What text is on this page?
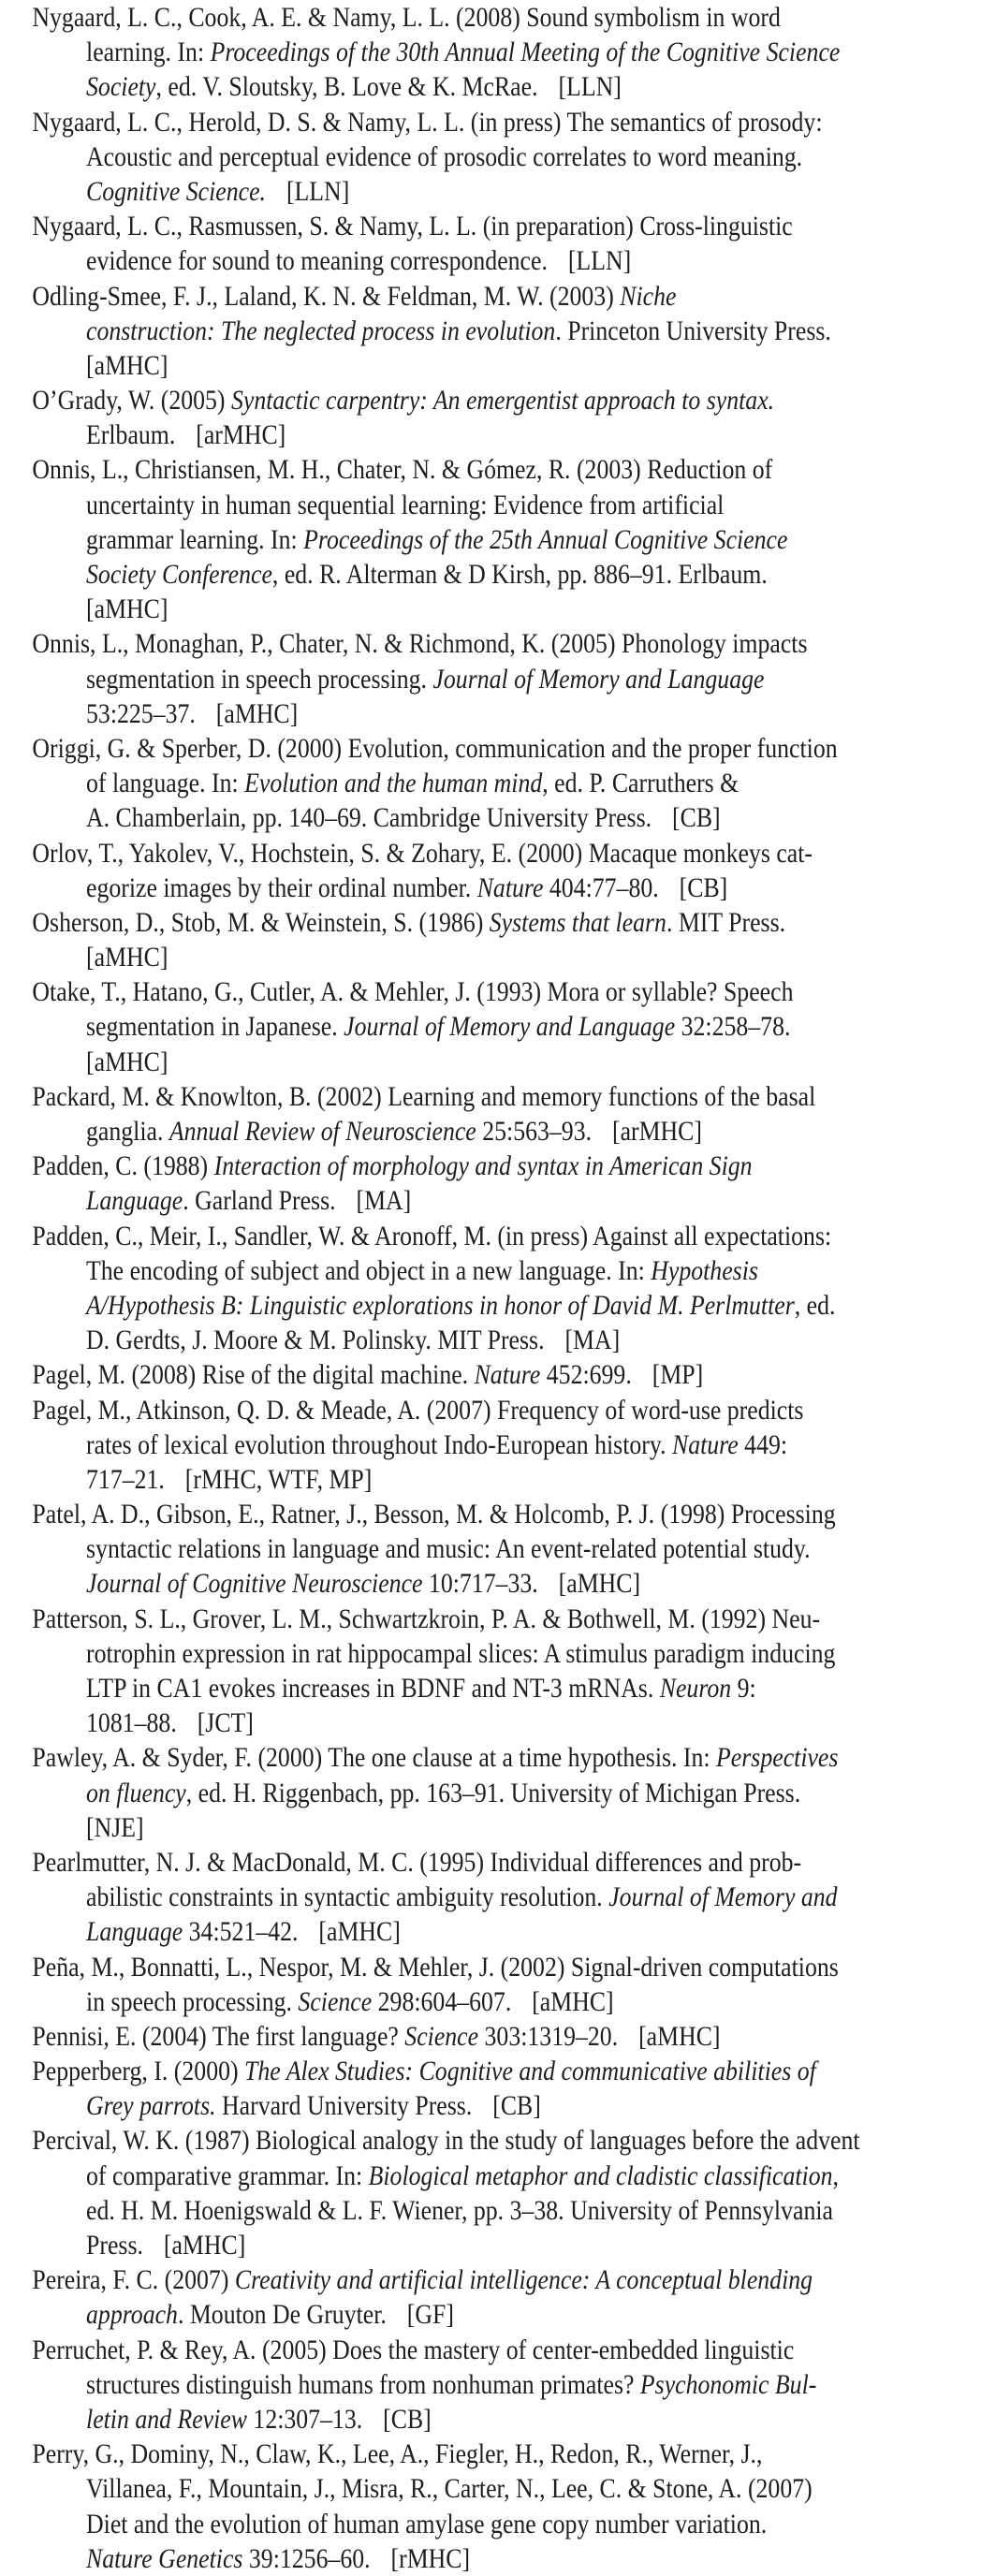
Nygaard, L. C., Cook, A. E. & Namy, L. L. (2008) Sound symbolism in word
learning. In: Proceedings of the 30th Annual Meeting of the Cognitive Science
Society, ed. V. Sloutsky, B. Love & K. McRae. [LLN]
Nygaard, L. C., Herold, D. S. & Namy, L. L. (in press) The semantics of prosody:
Acoustic and perceptual evidence of prosodic correlates to word meaning.
Cognitive Science. [LLN]
Nygaard, L. C., Rasmussen, S. & Namy, L. L. (in preparation) Cross-linguistic
evidence for sound to meaning correspondence. [LLN]
Odling-Smee, F. J., Laland, K. N. & Feldman, M. W. (2003) Niche
construction: The neglected process in evolution. Princeton University Press.
[aMHC]
O’Grady, W. (2005) Syntactic carpentry: An emergentist approach to syntax.
Erlbaum. [arMHC]
Onnis, L., Christiansen, M. H., Chater, N. & Gómez, R. (2003) Reduction of
uncertainty in human sequential learning: Evidence from artificial
grammar learning. In: Proceedings of the 25th Annual Cognitive Science
Society Conference, ed. R. Alterman & D Kirsh, pp. 886–91. Erlbaum.
[aMHC]
Onnis, L., Monaghan, P., Chater, N. & Richmond, K. (2005) Phonology impacts
segmentation in speech processing. Journal of Memory and Language
53:225–37. [aMHC]
Origgi, G. & Sperber, D. (2000) Evolution, communication and the proper function
of language. In: Evolution and the human mind, ed. P. Carruthers &
A. Chamberlain, pp. 140–69. Cambridge University Press. [CB]
Orlov, T., Yakolev, V., Hochstein, S. & Zohary, E. (2000) Macaque monkeys cat-
egorize images by their ordinal number. Nature 404:77–80. [CB]
Osherson, D., Stob, M. & Weinstein, S. (1986) Systems that learn. MIT Press.
[aMHC]
Otake, T., Hatano, G., Cutler, A. & Mehler, J. (1993) Mora or syllable? Speech
segmentation in Japanese. Journal of Memory and Language 32:258–78.
[aMHC]
Packard, M. & Knowlton, B. (2002) Learning and memory functions of the basal
ganglia. Annual Review of Neuroscience 25:563–93. [arMHC]
Padden, C. (1988) Interaction of morphology and syntax in American Sign
Language. Garland Press. [MA]
Padden, C., Meir, I., Sandler, W. & Aronoff, M. (in press) Against all expectations:
The encoding of subject and object in a new language. In: Hypothesis
A/Hypothesis B: Linguistic explorations in honor of David M. Perlmutter, ed.
D. Gerdts, J. Moore & M. Polinsky. MIT Press. [MA]
Pagel, M. (2008) Rise of the digital machine. Nature 452:699. [MP]
Pagel, M., Atkinson, Q. D. & Meade, A. (2007) Frequency of word-use predicts
rates of lexical evolution throughout Indo-European history. Nature 449:
717–21. [rMHC, WTF, MP]
Patel, A. D., Gibson, E., Ratner, J., Besson, M. & Holcomb, P. J. (1998) Processing
syntactic relations in language and music: An event-related potential study.
Journal of Cognitive Neuroscience 10:717–33. [aMHC]
Patterson, S. L., Grover, L. M., Schwartzkroin, P. A. & Bothwell, M. (1992) Neu-
rotrophin expression in rat hippocampal slices: A stimulus paradigm inducing
LTP in CA1 evokes increases in BDNF and NT-3 mRNAs. Neuron 9:
1081–88. [JCT]
Pawley, A. & Syder, F. (2000) The one clause at a time hypothesis. In: Perspectives
on fluency, ed. H. Riggenbach, pp. 163–91. University of Michigan Press.
[NJE]
Pearlmutter, N. J. & MacDonald, M. C. (1995) Individual differences and prob-
abilistic constraints in syntactic ambiguity resolution. Journal of Memory and
Language 34:521–42. [aMHC]
Peña, M., Bonnatti, L., Nespor, M. & Mehler, J. (2002) Signal-driven computations
in speech processing. Science 298:604–607. [aMHC]
Pennisi, E. (2004) The first language? Science 303:1319–20. [aMHC]
Pepperberg, I. (2000) The Alex Studies: Cognitive and communicative abilities of
Grey parrots. Harvard University Press. [CB]
Percival, W. K. (1987) Biological analogy in the study of languages before the advent
of comparative grammar. In: Biological metaphor and cladistic classification,
ed. H. M. Hoenigswald & L. F. Wiener, pp. 3–38. University of Pennsylvania
Press. [aMHC]
Pereira, F. C. (2007) Creativity and artificial intelligence: A conceptual blending
approach. Mouton De Gruyter. [GF]
Perruchet, P. & Rey, A. (2005) Does the mastery of center-embedded linguistic
structures distinguish humans from nonhuman primates? Psychonomic Bul-
letin and Review 12:307–13. [CB]
Perry, G., Dominy, N., Claw, K., Lee, A., Fiegler, H., Redon, R., Werner, J.,
Villanea, F., Mountain, J., Misra, R., Carter, N., Lee, C. & Stone, A. (2007)
Diet and the evolution of human amylase gene copy number variation.
Nature Genetics 39:1256–60. [rMHC]
